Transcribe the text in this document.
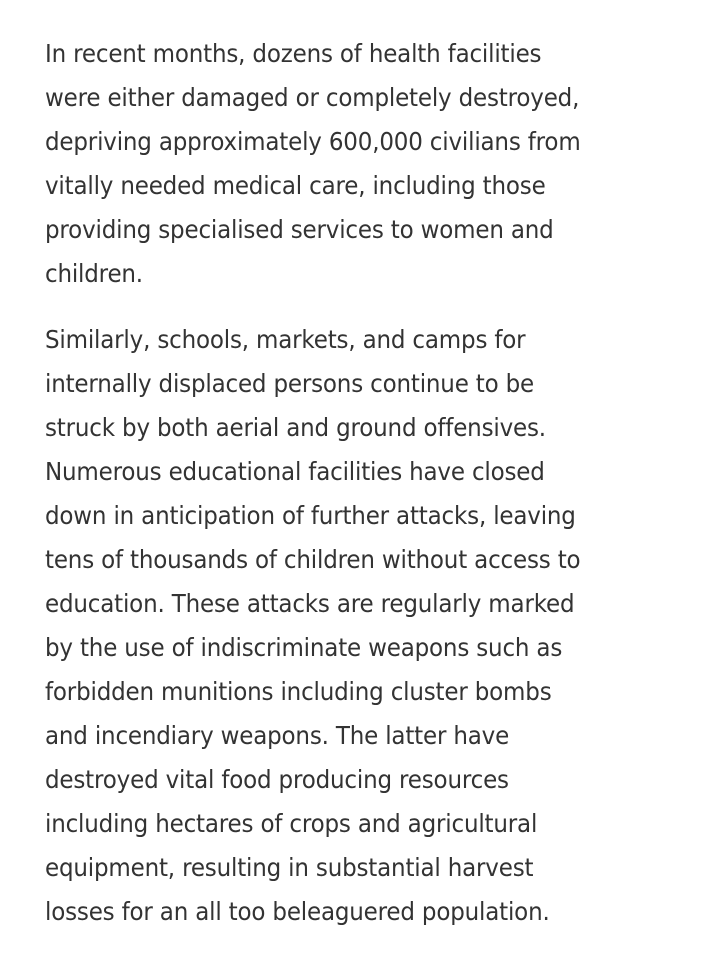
In recent months, dozens of health facilities
were either damaged or completely destroyed,
depriving approximately 600,000 civilians from
vitally needed medical care, including those
providing specialised services to women and
children.

Similarly, schools, markets, and camps for
internally displaced persons continue to be
struck by both aerial and ground offensives.
Numerous educational facilities have closed
down in anticipation of further attacks, leaving
tens of thousands of children without access to
education. These attacks are regularly marked
by the use of indiscriminate weapons such as
forbidden munitions including cluster bombs
and incendiary weapons. The latter have
destroyed vital food producing resources
including hectares of crops and agricultural
equipment, resulting in substantial harvest
losses for an all too beleaguered population.
